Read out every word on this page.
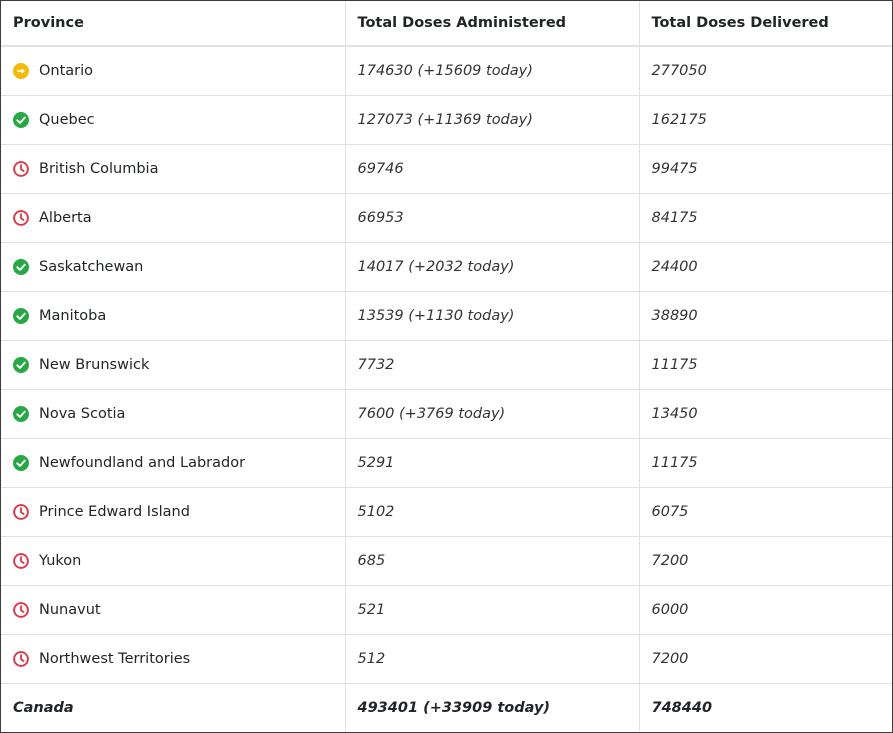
Province	Total Doses Administered	Total Doses Delivered

Ontario	174630 (+15609 today)	277050

Quebec	127073 (+11369 today)	162175

British Columbia	69746	99475

Alberta	66953	84175

Saskatchewan	14017 (+2032 today)	24400

Manitoba	13539 (+1130 today)	38890

New Brunswick	7732	11175

Nova Scotia	7600 (+3769 today)	13450

Newfoundland and Labrador	5291	11175

Prince Edward Island	5102	6075

Yukon	685	7200

Nunavut	521	6000

Northwest Territories	512	7200
Canada	493401 (+33909 today)	748440
